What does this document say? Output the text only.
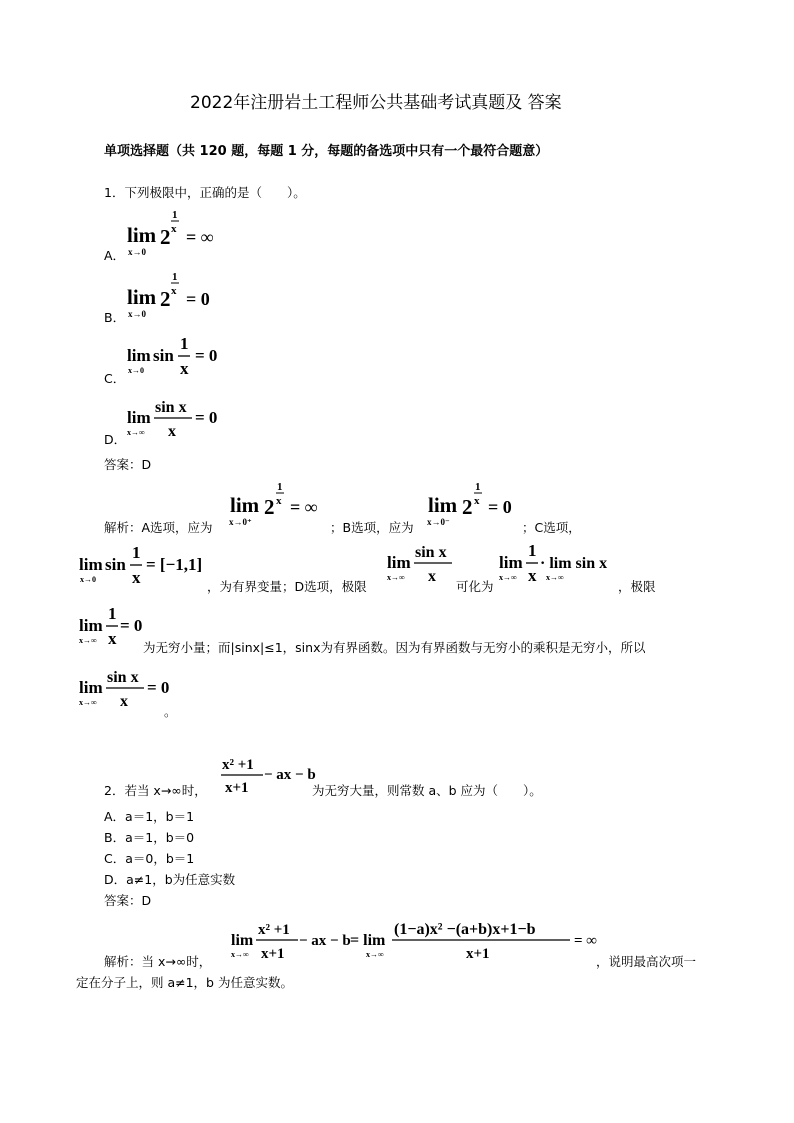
2022年注册岩土工程师公共基础考试真题及 答案
单项选择题（共 120 题，每题 1 分，每题的备选项中只有一个最符合题意）
1．下列极限中，正确的是（　　）。
A．
lim
x→0
2
1
x = ∞
B．
lim
x→0
2
1
x = 0
C．
lim
x→0
sin
1
x
= 0
D．
lim
x→∞
sin x
x
= 0
答案：D
解析：A选项，应为
lim
x→0⁺
2
1
x = ∞
；B选项，应为
lim
x→0⁻
2
1
x = 0
；C选项，
lim
x→0
sin
1
x
= [−1,1]
，为有界变量；D选项，极限
lim
x→∞
sin x
x
可化为
lim
x→∞
1
x
· lim sin x
x→∞
，极限
lim
x→∞
1
x
= 0
为无穷小量；而|sinx|≤1，sinx为有界函数。因为有界函数与无穷小的乘积是无穷小，所以
lim
x→∞
sin x
x
= 0
。
2．若当 x→∞时，
x² +1
x+1
− ax − b
为无穷大量，则常数 a、b 应为（　　）。
A．a＝1，b＝1
B．a＝1，b＝0
C．a＝0，b＝1
D．a≠1，b为任意实数
答案：D
解析：当 x→∞时，
lim
x→∞
x² +1
x+1
− ax − b = lim
x→∞
(1−a)x² −(a+b)x+1−b
x+1
= ∞
，说明最高次项一
定在分子上，则 a≠1，b 为任意实数。
